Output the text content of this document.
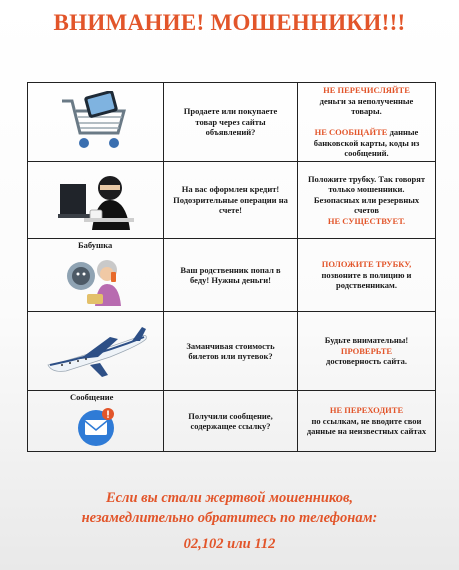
ВНИМАНИЕ! МОШЕННИКИ!!!

Продаете или покупаете товар через сайты объявлений?	НЕ ПЕРЕЧИСЛЯЙТЕ
деньги за неполученные товары.

НЕ СООБЩАЙТЕ данные банковской карты, коды из сообщений.

На вас оформлен кредит! Подозрительные операции на счете!	Положите трубку. Так говорят только мошенники. Безопасных или резервных счетов
НЕ СУЩЕСТВУЕТ.

Бабушка	Ваш родственник попал в беду! Нужны деньги!	ПОЛОЖИТЕ ТРУБКУ,
позвоните в полицию и родственникам.

Заманчивая стоимость билетов или путевок?	Будьте внимательны!
ПРОВЕРЬТЕ
достоверность сайта.

Сообщение	Получили сообщение, содержащее ссылку?	НЕ ПЕРЕХОДИТЕ
по ссылкам, не вводите свои данные на неизвестных сайтах
Если вы стали жертвой мошенников,
незамедлительно обратитесь по телефонам:
02,102 или 112
